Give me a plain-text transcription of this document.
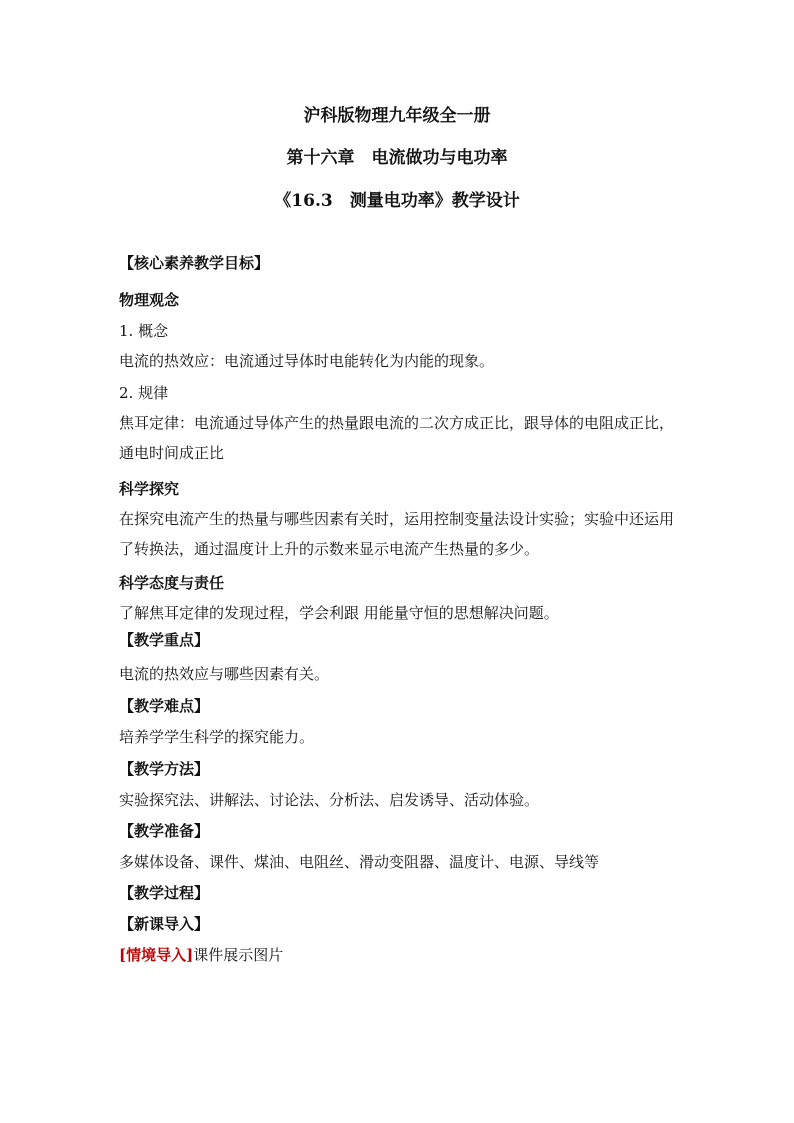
沪科版物理九年级全一册
第十六章　电流做功与电功率
《16.3　测量电功率》教学设计

【核心素养教学目标】

物理观念

1. 概念

电流的热效应：电流通过导体时电能转化为内能的现象。

2. 规律

焦耳定律：电流通过导体产生的热量跟电流的二次方成正比，跟导体的电阻成正比，通电时间成正比

科学探究

在探究电流产生的热量与哪些因素有关时，运用控制变量法设计实验；实验中还运用了转换法，通过温度计上升的示数来显示电流产生热量的多少。

科学态度与责任

了解焦耳定律的发现过程，学会利跟 用能量守恒的思想解决问题。

【教学重点】

电流的热效应与哪些因素有关。

【教学难点】

培养学学生科学的探究能力。

【教学方法】

实验探究法、讲解法、讨论法、分析法、启发诱导、活动体验。

【教学准备】

多媒体设备、课件、煤油、电阻丝、滑动变阻器、温度计、电源、导线等

【教学过程】

【新课导入】

[情境导入]课件展示图片
